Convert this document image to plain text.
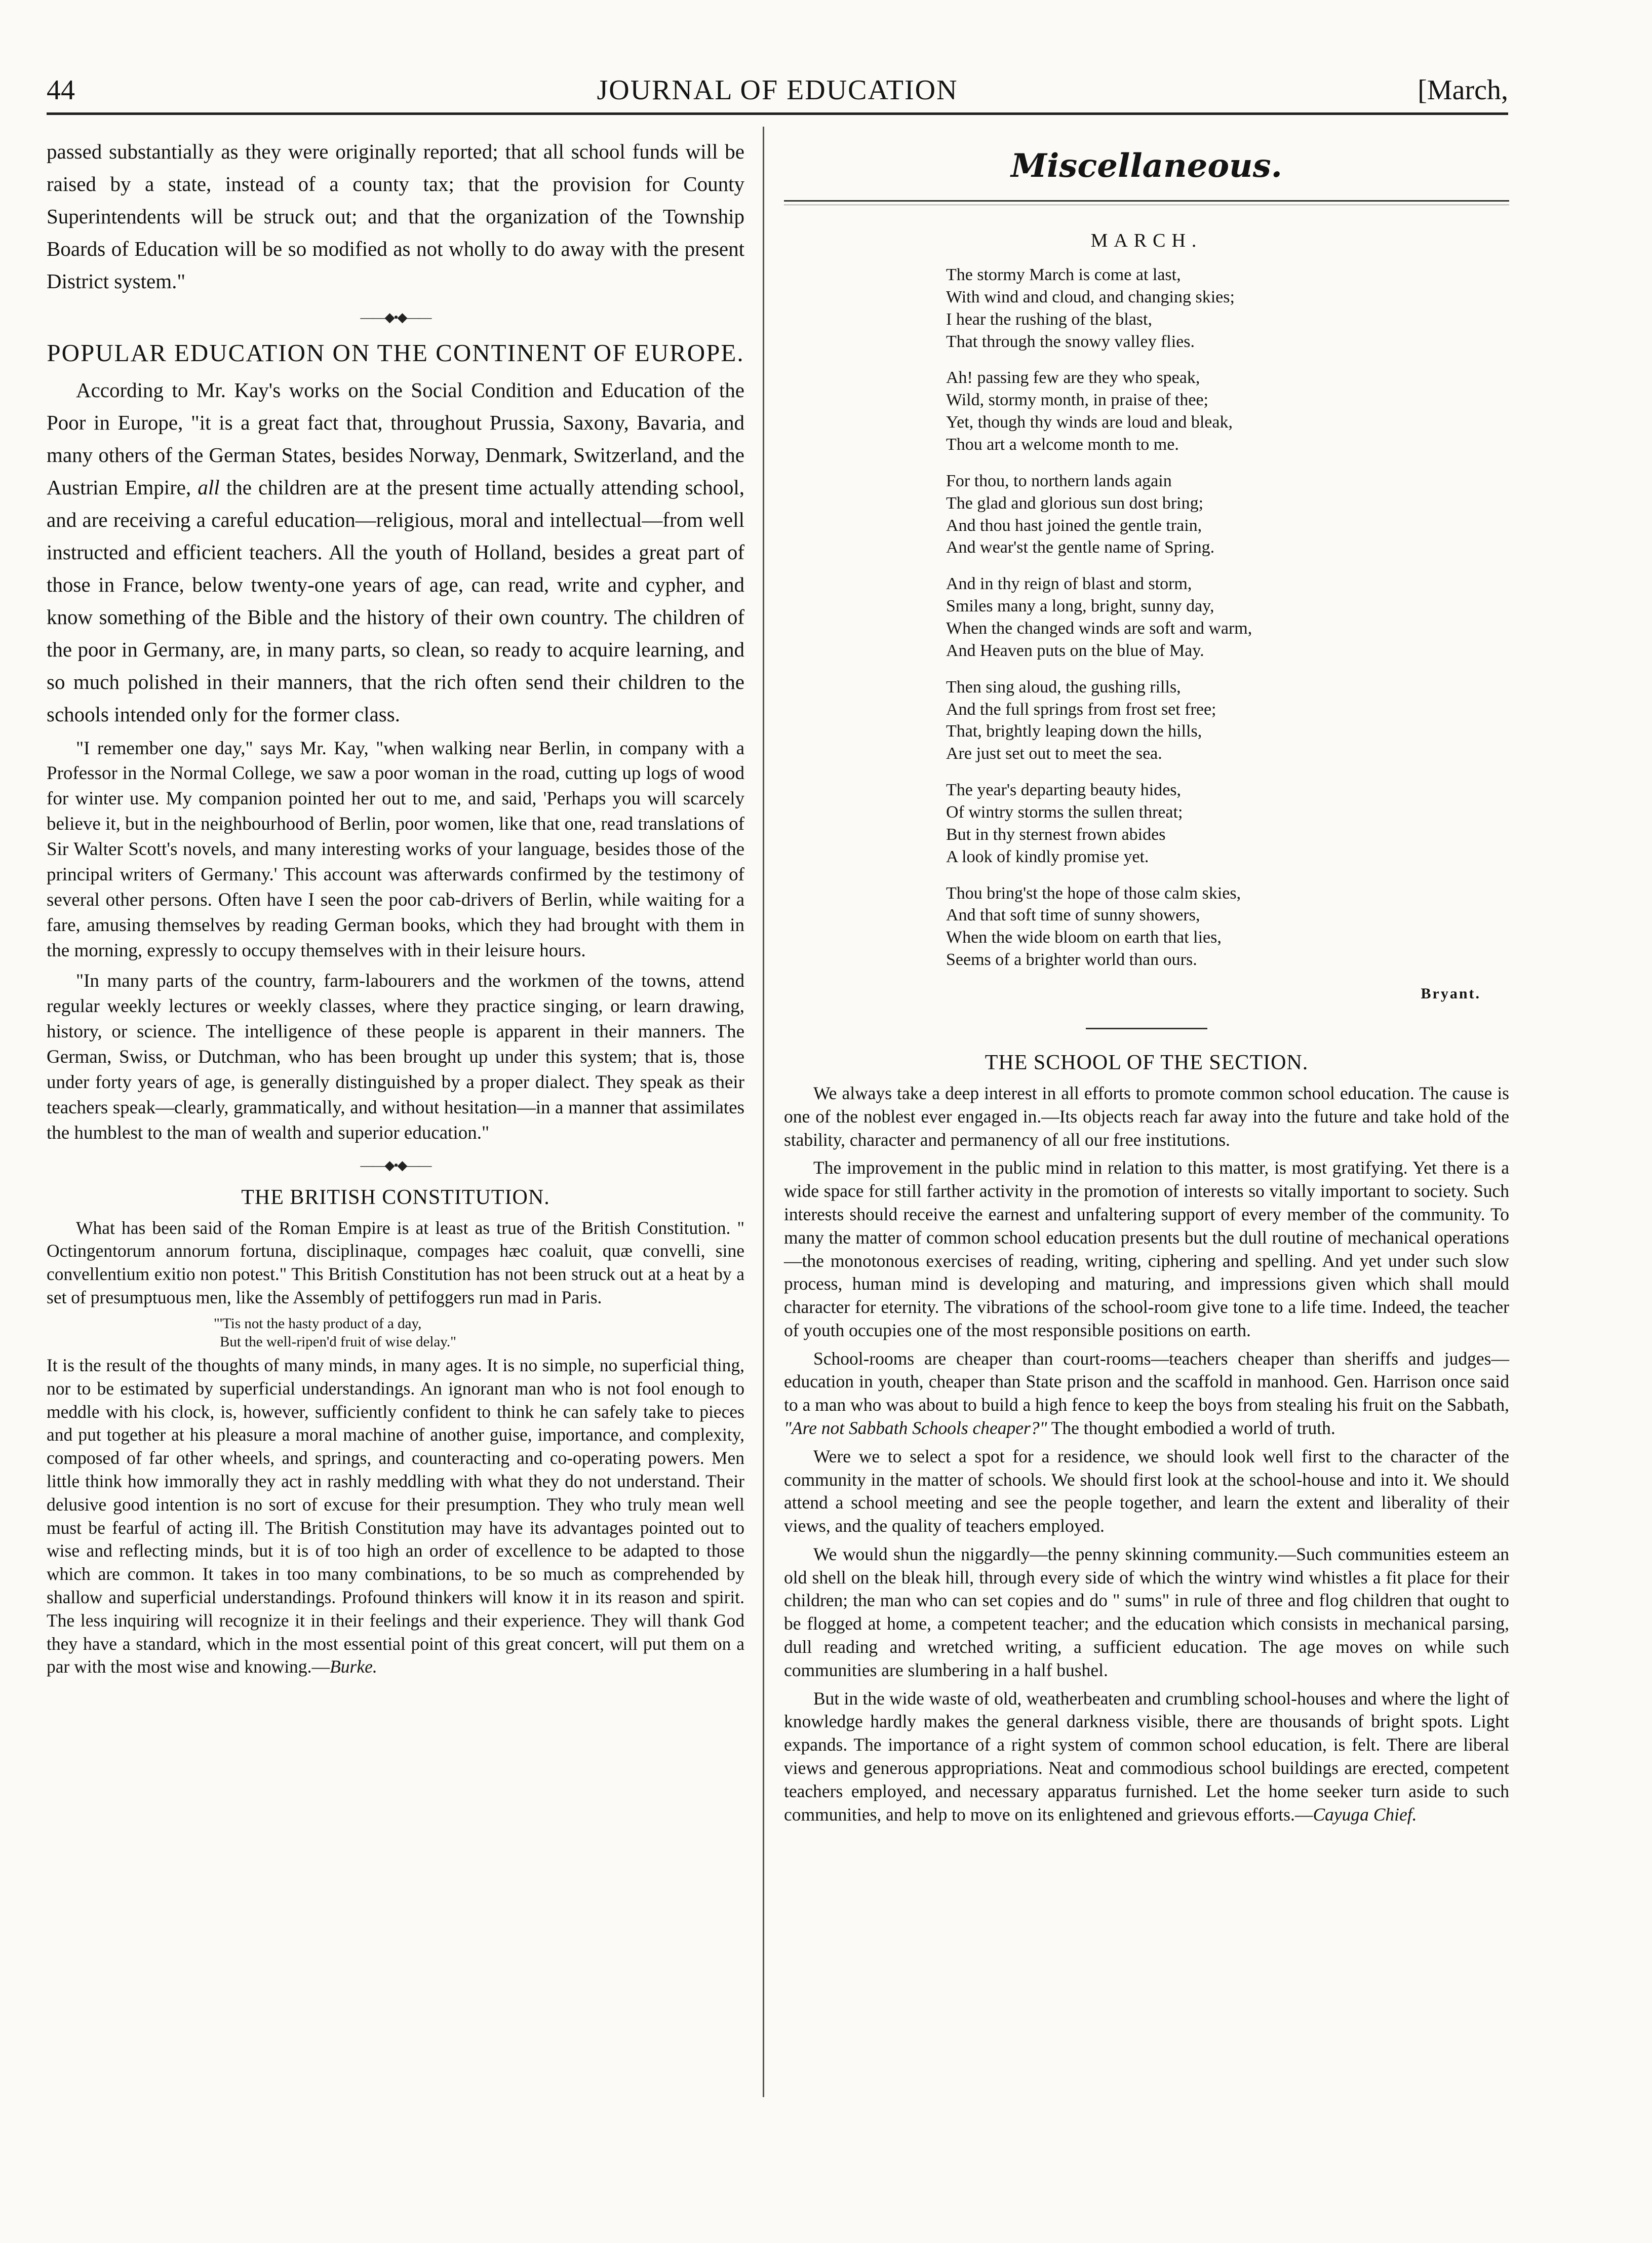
44	JOURNAL OF EDUCATION	[March,

passed substantially as they were originally reported; that all school funds will be raised by a state, instead of a county tax; that the provision for County Superintendents will be struck out; and that the organization of the Township Boards of Education will be so modified as not wholly to do away with the present District system."

——◆•◆——
POPULAR EDUCATION ON THE CONTINENT OF EUROPE.

According to Mr. Kay's works on the Social Condition and Education of the Poor in Europe, "it is a great fact that, throughout Prussia, Saxony, Bavaria, and many others of the German States, besides Norway, Denmark, Switzerland, and the Austrian Empire, all the children are at the present time actually attending school, and are receiving a careful education—religious, moral and intellectual—from well instructed and efficient teachers. All the youth of Holland, besides a great part of those in France, below twenty-one years of age, can read, write and cypher, and know something of the Bible and the history of their own country. The children of the poor in Germany, are, in many parts, so clean, so ready to acquire learning, and so much polished in their manners, that the rich often send their children to the schools intended only for the former class.

"I remember one day," says Mr. Kay, "when walking near Berlin, in company with a Professor in the Normal College, we saw a poor woman in the road, cutting up logs of wood for winter use. My companion pointed her out to me, and said, 'Perhaps you will scarcely believe it, but in the neighbourhood of Berlin, poor women, like that one, read translations of Sir Walter Scott's novels, and many interesting works of your language, besides those of the principal writers of Germany.' This account was afterwards confirmed by the testimony of several other persons. Often have I seen the poor cab-drivers of Berlin, while waiting for a fare, amusing themselves by reading German books, which they had brought with them in the morning, expressly to occupy themselves with in their leisure hours.

"In many parts of the country, farm-labourers and the workmen of the towns, attend regular weekly lectures or weekly classes, where they practice singing, or learn drawing, history, or science. The intelligence of these people is apparent in their manners. The German, Swiss, or Dutchman, who has been brought up under this system; that is, those under forty years of age, is generally distinguished by a proper dialect. They speak as their teachers speak—clearly, grammatically, and without hesitation—in a manner that assimilates the humblest to the man of wealth and superior education."

——◆•◆——
THE BRITISH CONSTITUTION.

What has been said of the Roman Empire is at least as true of the British Constitution. " Octingentorum annorum fortuna, disciplinaque, compages hæc coaluit, quæ convelli, sine convellentium exitio non potest." This British Constitution has not been struck out at a heat by a set of presumptuous men, like the Assembly of pettifoggers run mad in Paris.

"'Tis not the hasty product of a day,
But the well-ripen'd fruit of wise delay."

It is the result of the thoughts of many minds, in many ages. It is no simple, no superficial thing, nor to be estimated by superficial understandings. An ignorant man who is not fool enough to meddle with his clock, is, however, sufficiently confident to think he can safely take to pieces and put together at his pleasure a moral machine of another guise, importance, and complexity, composed of far other wheels, and springs, and counteracting and co-operating powers. Men little think how immorally they act in rashly meddling with what they do not understand. Their delusive good intention is no sort of excuse for their presumption. They who truly mean well must be fearful of acting ill. The British Constitution may have its advantages pointed out to wise and reflecting minds, but it is of too high an order of excellence to be adapted to those which are common. It takes in too many combinations, to be so much as comprehended by shallow and superficial understandings. Profound thinkers will know it in its reason and spirit. The less inquiring will recognize it in their feelings and their experience. They will thank God they have a standard, which in the most essential point of this great concert, will put them on a par with the most wise and knowing.—Burke.

Miscellaneous.
MARCH.
The stormy March is come at last,
With wind and cloud, and changing skies;
I hear the rushing of the blast,
That through the snowy valley flies.
Ah! passing few are they who speak,
Wild, stormy month, in praise of thee;
Yet, though thy winds are loud and bleak,
Thou art a welcome month to me.
For thou, to northern lands again
The glad and glorious sun dost bring;
And thou hast joined the gentle train,
And wear'st the gentle name of Spring.
And in thy reign of blast and storm,
Smiles many a long, bright, sunny day,
When the changed winds are soft and warm,
And Heaven puts on the blue of May.
Then sing aloud, the gushing rills,
And the full springs from frost set free;
That, brightly leaping down the hills,
Are just set out to meet the sea.
The year's departing beauty hides,
Of wintry storms the sullen threat;
But in thy sternest frown abides
A look of kindly promise yet.
Thou bring'st the hope of those calm skies,
And that soft time of sunny showers,
When the wide bloom on earth that lies,
Seems of a brighter world than ours.
Bryant.
THE SCHOOL OF THE SECTION.

We always take a deep interest in all efforts to promote common school education. The cause is one of the noblest ever engaged in.—Its objects reach far away into the future and take hold of the stability, character and permanency of all our free institutions.

The improvement in the public mind in relation to this matter, is most gratifying. Yet there is a wide space for still farther activity in the promotion of interests so vitally important to society. Such interests should receive the earnest and unfaltering support of every member of the community. To many the matter of common school education presents but the dull routine of mechanical operations—the monotonous exercises of reading, writing, ciphering and spelling. And yet under such slow process, human mind is developing and maturing, and impressions given which shall mould character for eternity. The vibrations of the school-room give tone to a life time. Indeed, the teacher of youth occupies one of the most responsible positions on earth.

School-rooms are cheaper than court-rooms—teachers cheaper than sheriffs and judges—education in youth, cheaper than State prison and the scaffold in manhood. Gen. Harrison once said to a man who was about to build a high fence to keep the boys from stealing his fruit on the Sabbath, "Are not Sabbath Schools cheaper?" The thought embodied a world of truth.

Were we to select a spot for a residence, we should look well first to the character of the community in the matter of schools. We should first look at the school-house and into it. We should attend a school meeting and see the people together, and learn the extent and liberality of their views, and the quality of teachers employed.

We would shun the niggardly—the penny skinning community.—Such communities esteem an old shell on the bleak hill, through every side of which the wintry wind whistles a fit place for their children; the man who can set copies and do " sums" in rule of three and flog children that ought to be flogged at home, a competent teacher; and the education which consists in mechanical parsing, dull reading and wretched writing, a sufficient education. The age moves on while such communities are slumbering in a half bushel.

But in the wide waste of old, weatherbeaten and crumbling school-houses and where the light of knowledge hardly makes the general darkness visible, there are thousands of bright spots. Light expands. The importance of a right system of common school education, is felt. There are liberal views and generous appropriations. Neat and commodious school buildings are erected, competent teachers employed, and necessary apparatus furnished. Let the home seeker turn aside to such communities, and help to move on its enlightened and grievous efforts.—Cayuga Chief.
